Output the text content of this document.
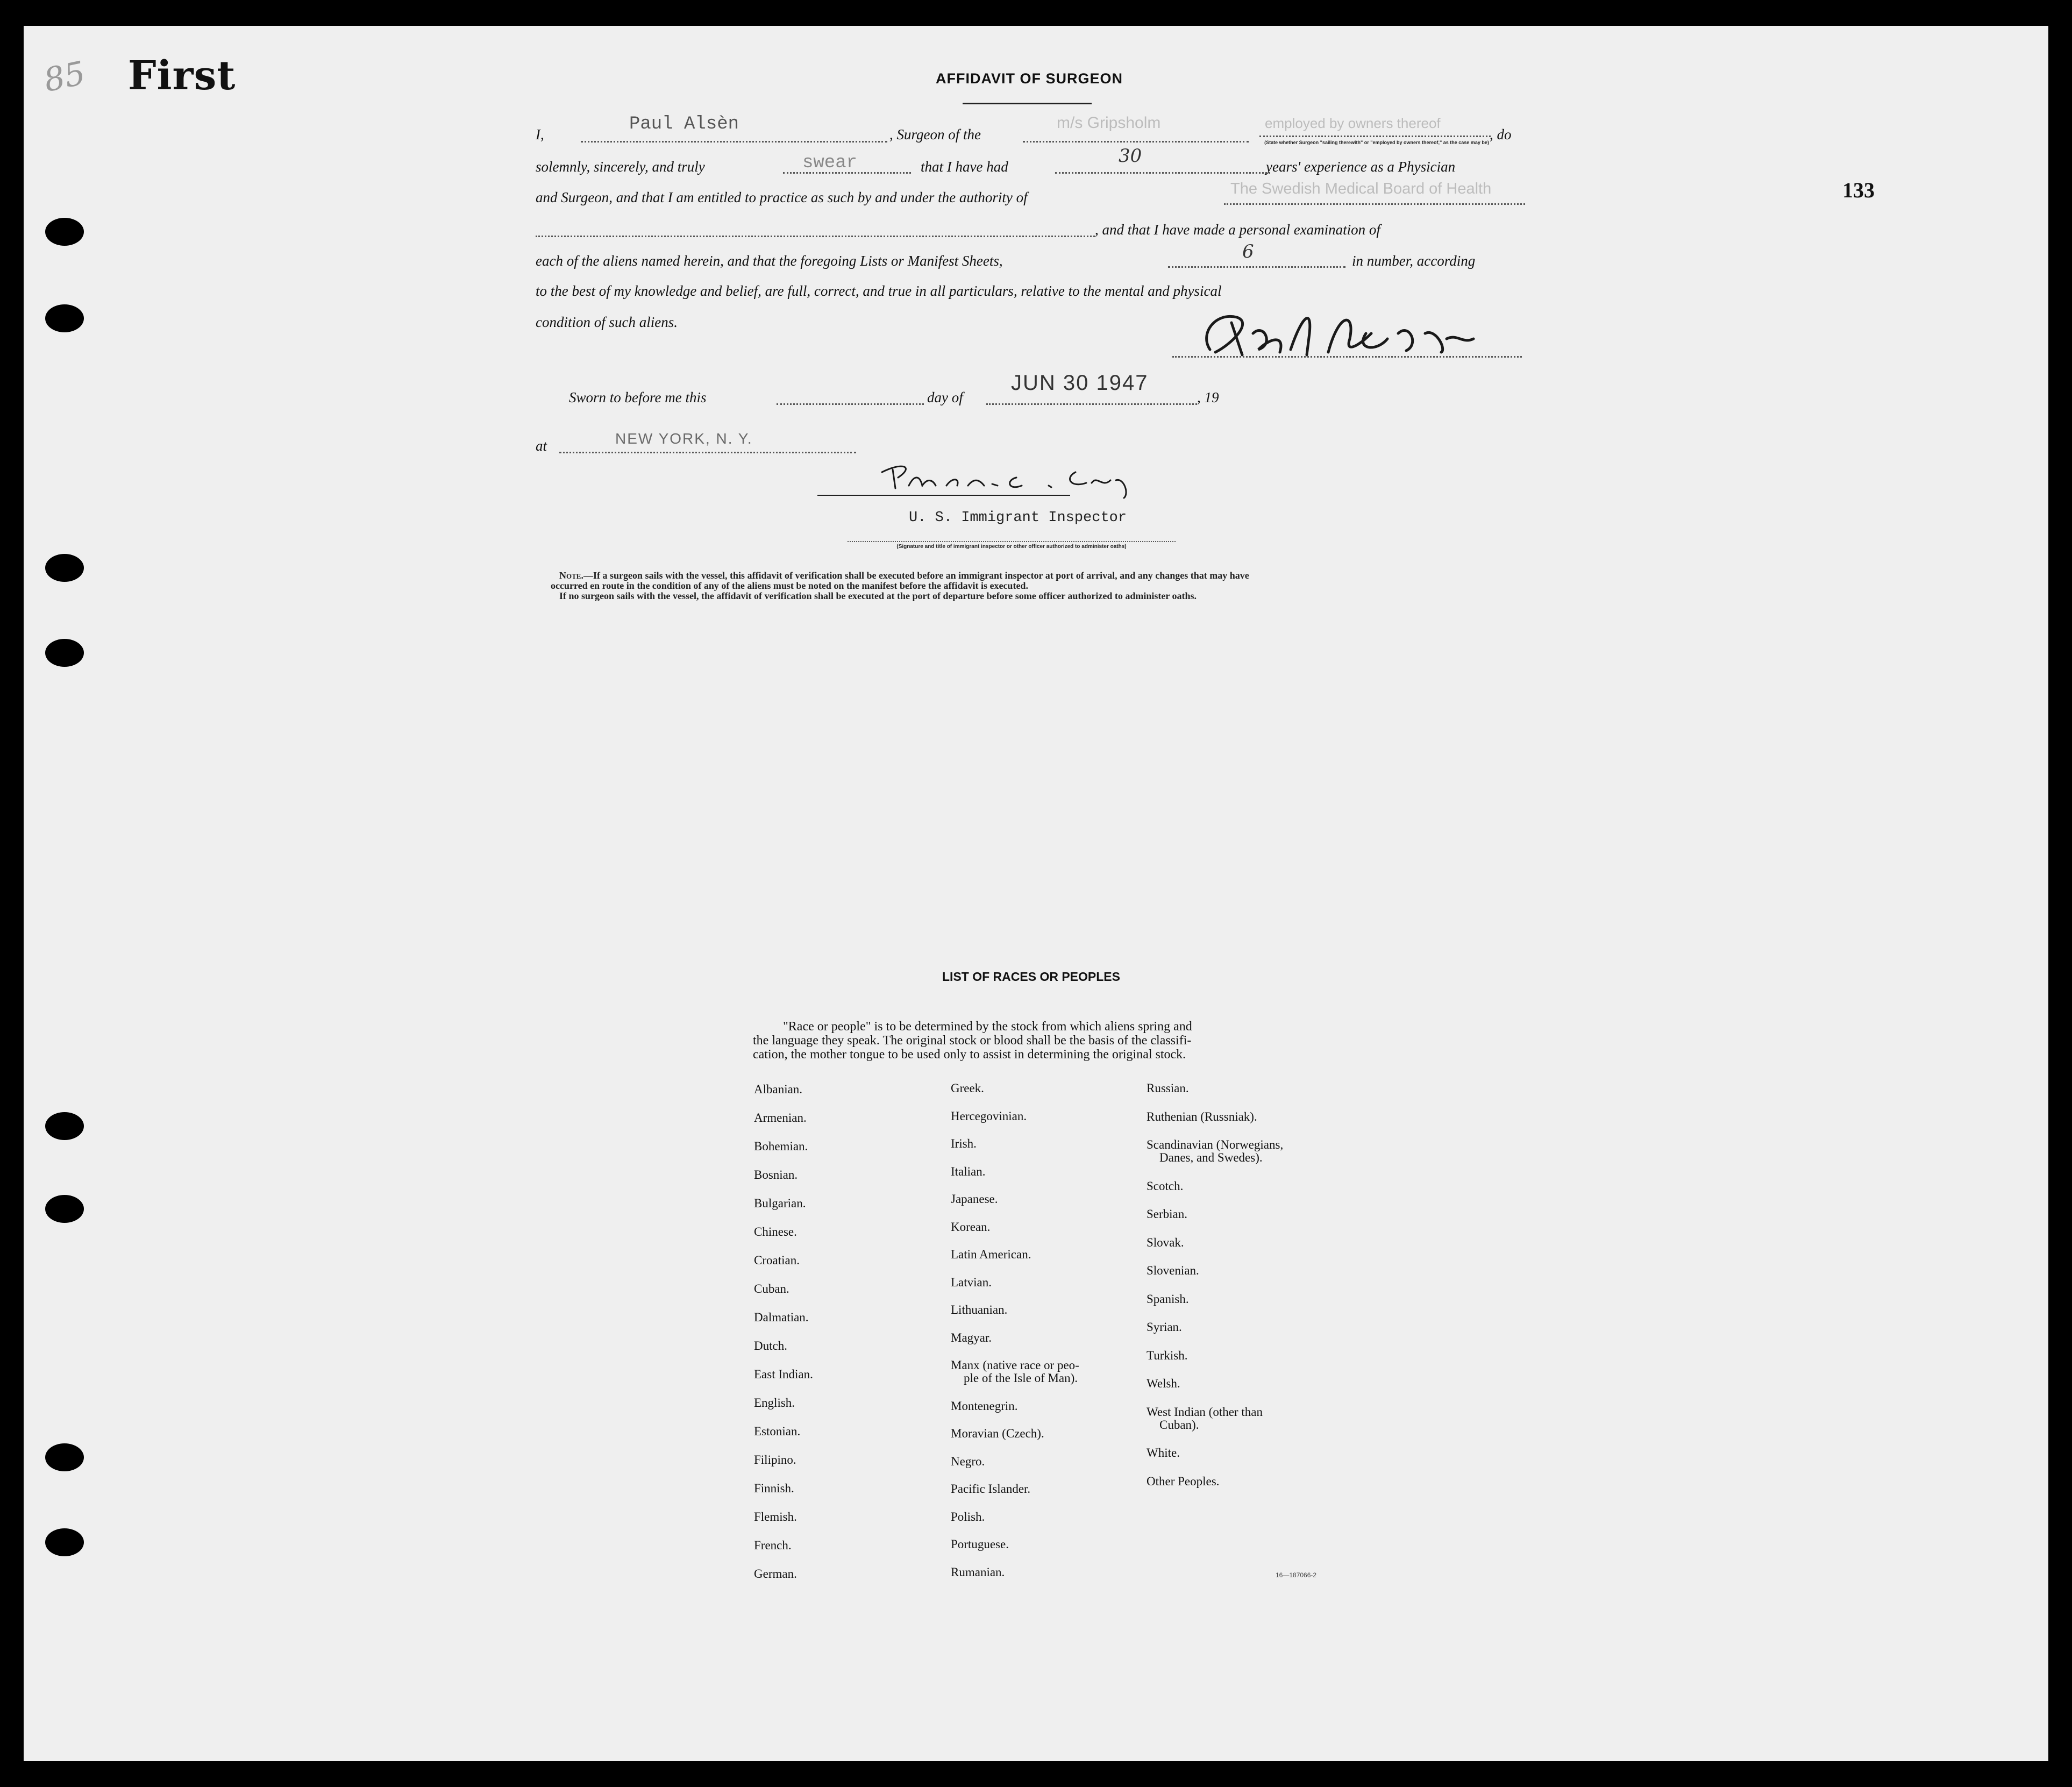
First
85
133
AFFIDAVIT OF SURGEON
I,	Paul Alsèn	, Surgeon of the
m/s Gripsholm	employed by owners thereof
, do
(State whether Surgeon "sailing therewith" or "employed by owners thereof," as the case may be)
solemnly, sincerely, and truly	swear	that I have had	30	years' experience as a Physician
and Surgeon, and that I am entitled to practice as such by and under the authority of	The Swedish Medical Board of Health
, and that I have made a personal examination of
each of the aliens named herein, and that the foregoing Lists or Manifest Sheets,	6	in number, according
to the best of my knowledge and belief, are full, correct, and true in all particulars, relative to the mental and physical
condition of such aliens.
Sworn to before me this	day of
JUN 30 1947
, 19
at	NEW YORK, N. Y.
U. S. Immigrant Inspector
(Signature and title of immigrant inspector or other officer authorized to administer oaths)
Note.—If a surgeon sails with the vessel, this affidavit of verification shall be executed before an immigrant inspector at port of arrival, and any changes that may have
occurred en route in the condition of any of the aliens must be noted on the manifest before the affidavit is executed.
If no surgeon sails with the vessel, the affidavit of verification shall be executed at the port of departure before some officer authorized to administer oaths.
LIST OF RACES OR PEOPLES
"Race or people" is to be determined by the stock from which aliens spring and
the language they speak. The original stock or blood shall be the basis of the classifi-
cation, the mother tongue to be used only to assist in determining the original stock.
Albanian.
Armenian.
Bohemian.
Bosnian.
Bulgarian.
Chinese.
Croatian.
Cuban.
Dalmatian.
Dutch.
East Indian.
English.
Estonian.
Filipino.
Finnish.
Flemish.
French.
German.
Greek.
Hercegovinian.
Irish.
Italian.
Japanese.
Korean.
Latin American.
Latvian.
Lithuanian.
Magyar.
Manx (native race or peo-
ple of the Isle of Man).
Montenegrin.
Moravian (Czech).
Negro.
Pacific Islander.
Polish.
Portuguese.
Rumanian.
Russian.
Ruthenian (Russniak).
Scandinavian (Norwegians,
Danes, and Swedes).
Scotch.
Serbian.
Slovak.
Slovenian.
Spanish.
Syrian.
Turkish.
Welsh.
West Indian (other than
Cuban).
White.
Other Peoples.
16—187066-2
